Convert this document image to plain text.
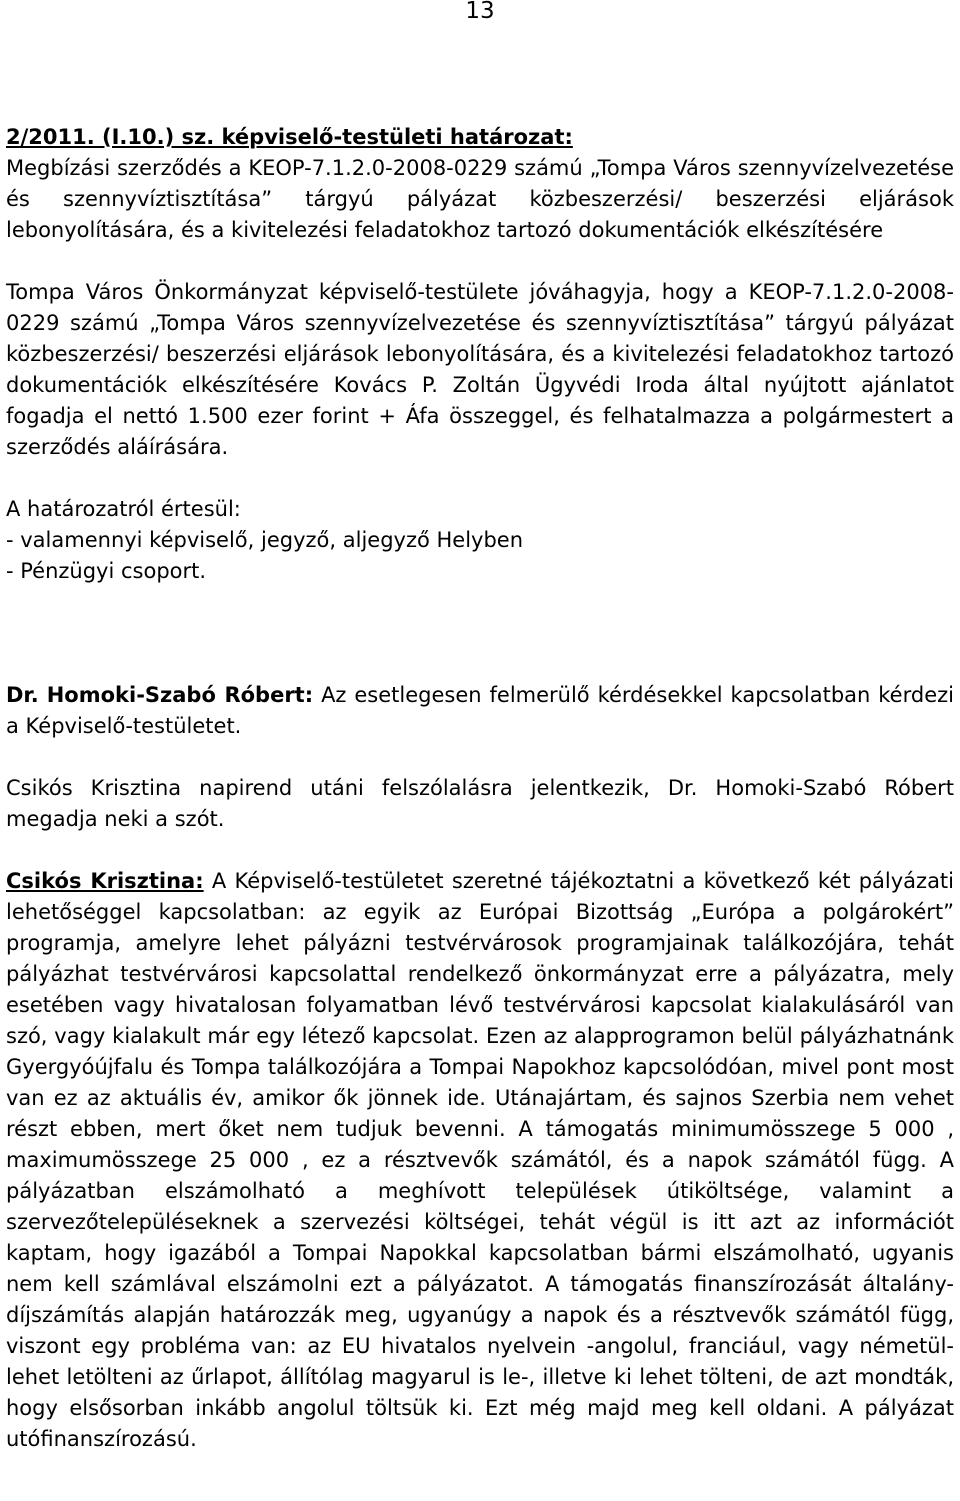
13

2/2011. (I.10.) sz. képviselő-testületi határozat:

Megbízási szerződés a KEOP-7.1.2.0-2008-0229 számú „Tompa Város szennyvízelvezetése és szennyvíztisztítása” tárgyú pályázat közbeszerzési/ beszerzési eljárások lebonyolítására, és a kivitelezési feladatokhoz tartozó dokumentációk elkészítésére

Tompa Város Önkormányzat képviselő-testülete jóváhagyja, hogy a KEOP-7.1.2.0-2008-0229 számú „Tompa Város szennyvízelvezetése és szennyvíztisztítása” tárgyú pályázat közbeszerzési/ beszerzési eljárások lebonyolítására, és a kivitelezési feladatokhoz tartozó dokumentációk elkészítésére Kovács P. Zoltán Ügyvédi Iroda által nyújtott ajánlatot fogadja el nettó 1.500 ezer forint + Áfa összeggel, és felhatalmazza a polgármestert a szerződés aláírására.

A határozatról értesül:
- valamennyi képviselő, jegyző, aljegyző Helyben
- Pénzügyi csoport.

Dr. Homoki-Szabó Róbert: Az esetlegesen felmerülő kérdésekkel kapcsolatban kérdezi a Képviselő-testületet.

Csikós Krisztina napirend utáni felszólalásra jelentkezik, Dr. Homoki-Szabó Róbert megadja neki a szót.

Csikós Krisztina: A Képviselő-testületet szeretné tájékoztatni a következő két pályázati lehetőséggel kapcsolatban: az egyik az Európai Bizottság „Európa a polgárokért” programja, amelyre lehet pályázni testvérvárosok programjainak találkozójára, tehát pályázhat testvérvárosi kapcsolattal rendelkező önkormányzat erre a pályázatra, mely esetében vagy hivatalosan folyamatban lévő testvérvárosi kapcsolat kialakulásáról van szó, vagy kialakult már egy létező kapcsolat. Ezen az alapprogramon belül pályázhatnánk Gyergyóújfalu és Tompa találkozójára a Tompai Napokhoz kapcsolódóan, mivel pont most van ez az aktuális év, amikor ők jönnek ide. Utánajártam, és sajnos Szerbia nem vehet részt ebben, mert őket nem tudjuk bevenni. A támogatás minimumösszege 5 000 , maximumösszege 25 000 , ez a résztvevők számától, és a napok számától függ. A pályázatban elszámolható a meghívott települések útiköltsége, valamint a szervezőtelepüléseknek a szervezési költségei, tehát végül is itt azt az információt kaptam, hogy igazából a Tompai Napokkal kapcsolatban bármi elszámolható, ugyanis nem kell számlával elszámolni ezt a pályázatot. A támogatás finanszírozását általány-díjszámítás alapján határozzák meg, ugyanúgy a napok és a résztvevők számától függ, viszont egy probléma van: az EU hivatalos nyelvein -angolul, franciául, vagy németül- lehet letölteni az űrlapot, állítólag magyarul is le-, illetve ki lehet tölteni, de azt mondták, hogy elsősorban inkább angolul töltsük ki. Ezt még majd meg kell oldani. A pályázat utófinanszírozású.
